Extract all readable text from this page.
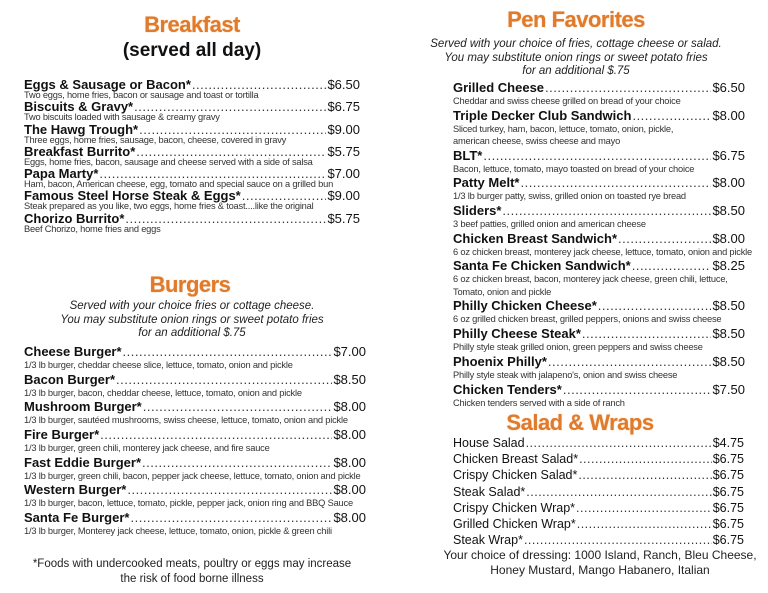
Breakfast
(served all day)
Eggs & Sausage or Bacon* .....	$6.50
Two eggs, home fries, bacon or sausage and toast or tortilla
Biscuits & Gravy* .....	$6.75
Two biscuits loaded with sausage & creamy gravy
The Hawg Trough* .....	$9.00
Three eggs, home fries, sausage, bacon, cheese, covered in gravy
Breakfast Burrito* .....	$5.75
Eggs, home fries, bacon, sausage and cheese served with a side of salsa
Papa Marty* .....	$7.00
Ham, bacon, American cheese, egg, tomato and special sauce on a grilled bun
Famous Steel Horse Steak & Eggs* .....	$9.00
Steak prepared as you like, two eggs, home fries & toast....like the original
Chorizo Burrito* .....	$5.75
Beef Chorizo, home fries and eggs
Burgers
Served with your choice fries or cottage cheese.
You may substitute onion rings or sweet potato fries
for an additional $.75
Cheese Burger* .....	$7.00
1/3 lb burger, cheddar cheese slice, lettuce, tomato, onion and pickle
Bacon Burger* .....	$8.50
1/3 lb burger, bacon, cheddar cheese, lettuce, tomato, onion and pickle
Mushroom Burger* .....	$8.00
1/3 lb burger, sautéed mushrooms, swiss cheese, lettuce, tomato, onion and pickle
Fire Burger* .....	$8.00
1/3 lb burger, green chili, monterey jack cheese, and fire sauce
Fast Eddie Burger* .....	$8.00
1/3 lb burger, green chili, bacon, pepper jack cheese, lettuce, tomato, onion and pickle
Western Burger* .....	$8.00
1/3 lb burger, bacon, lettuce, tomato, pickle, pepper jack, onion ring and BBQ Sauce
Santa Fe Burger* .....	$8.00
1/3 lb burger, Monterey jack cheese, lettuce, tomato, onion, pickle & green chili
*Foods with undercooked meats, poultry or eggs may increase
the risk of food borne illness
Pen Favorites
Served with your choice of fries, cottage cheese or salad.
You may substitute onion rings or sweet potato fries
for an additional $.75
Grilled Cheese .....	$6.50
Cheddar and swiss cheese grilled on bread of your choice
Triple Decker Club Sandwich .....	$8.00
Sliced turkey, ham, bacon, lettuce, tomato, onion, pickle,
american cheese, swiss cheese and mayo
BLT* .....	$6.75
Bacon, lettuce, tomato, mayo toasted on bread of your choice
Patty Melt* .....	$8.00
1/3 lb burger patty, swiss, grilled onion on toasted rye bread
Sliders* .....	$8.50
3 beef patties, grilled onion and american cheese
Chicken Breast Sandwich* .....	$8.00
6 oz chicken breast, monterey jack cheese, lettuce, tomato, onion and pickle
Santa Fe Chicken Sandwich* .....	$8.25
6 oz chicken breast, bacon, monterey jack cheese, green chili, lettuce,
Tomato, onion and pickle
Philly Chicken Cheese* .....	$8.50
6 oz grilled chicken breast, grilled peppers, onions and swiss cheese
Philly Cheese Steak* .....	$8.50
Philly style steak grilled onion, green peppers and swiss cheese
Phoenix Philly* .....	$8.50
Philly style steak with jalapeno's, onion and swiss cheese
Chicken Tenders* .....	$7.50
Chicken tenders served with a side of ranch
Salad & Wraps
House Salad .....	$4.75
Chicken Breast Salad* .....	$6.75
Crispy Chicken Salad* .....	$6.75
Steak Salad* .....	$6.75
Crispy Chicken Wrap* .....	$6.75
Grilled Chicken Wrap* .....	$6.75
Steak Wrap* .....	$6.75
Your choice of dressing: 1000 Island, Ranch, Bleu Cheese,
Honey Mustard, Mango Habanero, Italian
